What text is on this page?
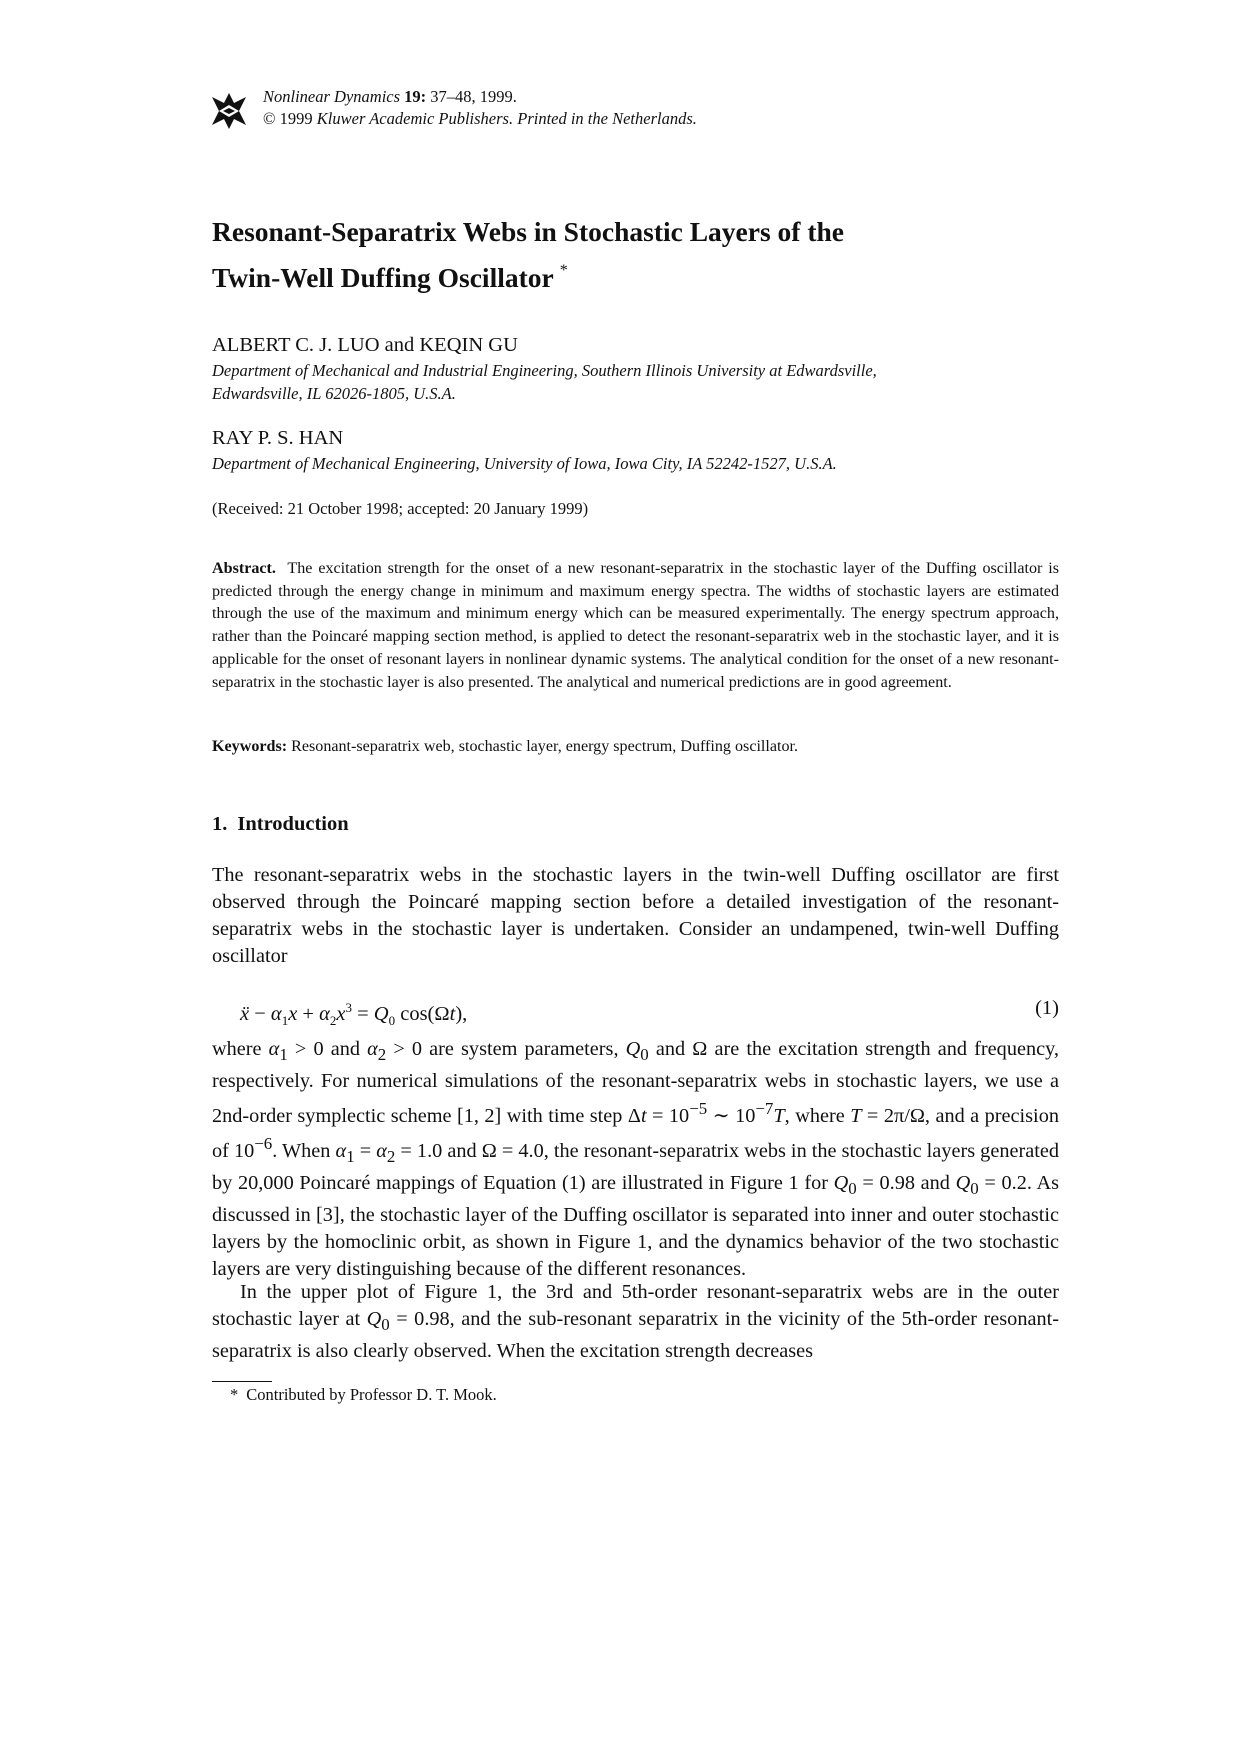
Nonlinear Dynamics 19: 37–48, 1999.
© 1999 Kluwer Academic Publishers. Printed in the Netherlands.
Resonant-Separatrix Webs in Stochastic Layers of the
Twin-Well Duffing Oscillator *
ALBERT C. J. LUO and KEQIN GU
Department of Mechanical and Industrial Engineering, Southern Illinois University at Edwardsville,
Edwardsville, IL 62026-1805, U.S.A.
RAY P. S. HAN
Department of Mechanical Engineering, University of Iowa, Iowa City, IA 52242-1527, U.S.A.
(Received: 21 October 1998; accepted: 20 January 1999)
Abstract. The excitation strength for the onset of a new resonant-separatrix in the stochastic layer of the Duffing oscillator is predicted through the energy change in minimum and maximum energy spectra. The widths of stochastic layers are estimated through the use of the maximum and minimum energy which can be measured experimentally. The energy spectrum approach, rather than the Poincaré mapping section method, is applied to detect the resonant-separatrix web in the stochastic layer, and it is applicable for the onset of resonant layers in nonlinear dynamic systems. The analytical condition for the onset of a new resonant-separatrix in the stochastic layer is also presented. The analytical and numerical predictions are in good agreement.
Keywords: Resonant-separatrix web, stochastic layer, energy spectrum, Duffing oscillator.
1. Introduction
The resonant-separatrix webs in the stochastic layers in the twin-well Duffing oscillator are first observed through the Poincaré mapping section before a detailed investigation of the resonant-separatrix webs in the stochastic layer is undertaken. Consider an undampened, twin-well Duffing oscillator
ẍ − $\alpha_1x + \alpha_2x^3 = Q_0$ cos(Ωt),	(1)
where $\alpha_1 > 0$ and $\alpha_2 > 0$ are system parameters, $Q_0$ and Ω are the excitation strength and frequency, respectively. For numerical simulations of the resonant-separatrix webs in stochastic layers, we use a 2nd-order symplectic scheme [1, 2] with time step $\Delta t = 10^{-5}$ ∼ $10^{-7}T$, where T = 2π/Ω, and a precision of $10^{-6}$. When $\alpha_1 = \alpha_2 = 1.0$ and Ω = 4.0, the resonant-separatrix webs in the stochastic layers generated by 20,000 Poincaré mappings of Equation (1) are illustrated in Figure 1 for $Q_0 = 0.98$ and $Q_0 = 0.2$. As discussed in [3], the stochastic layer of the Duffing oscillator is separated into inner and outer stochastic layers by the homoclinic orbit, as shown in Figure 1, and the dynamics behavior of the two stochastic layers are very distinguishing because of the different resonances.
In the upper plot of Figure 1, the 3rd and 5th-order resonant-separatrix webs are in the outer stochastic layer at $Q_0 = 0.98$, and the sub-resonant separatrix in the vicinity of the 5th-order resonant-separatrix is also clearly observed. When the excitation strength decreases
* Contributed by Professor D. T. Mook.
